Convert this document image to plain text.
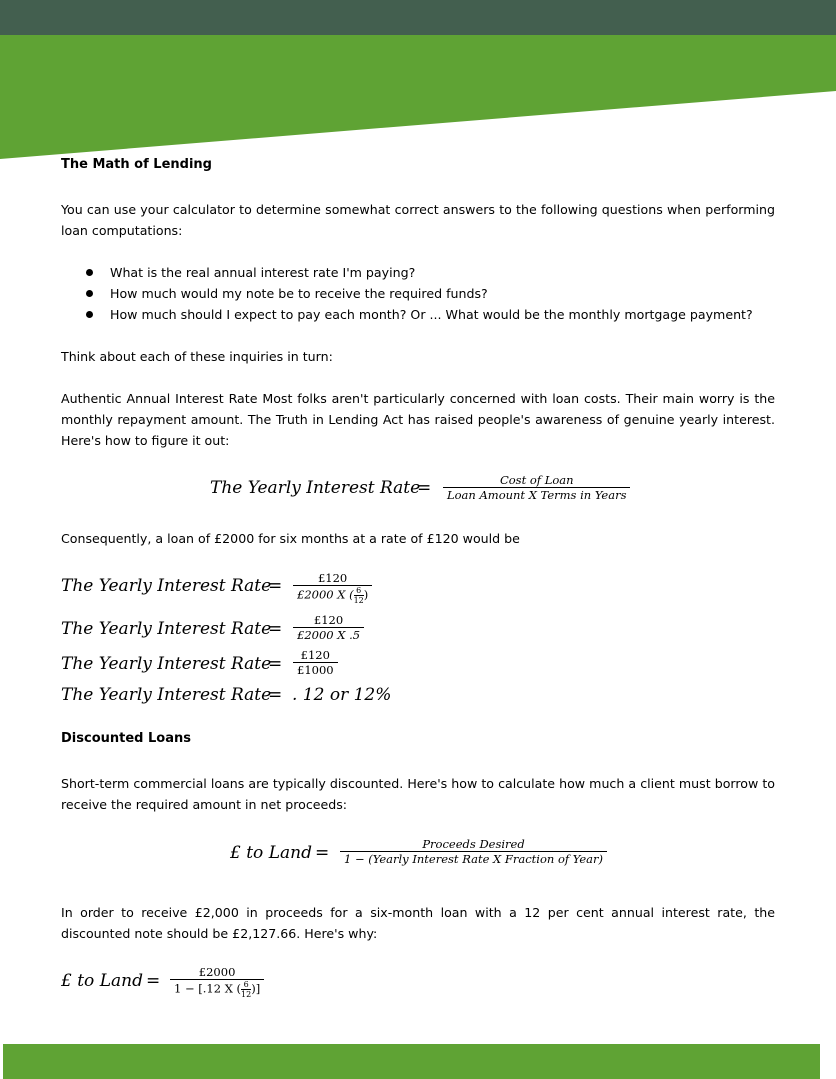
The Math of Lending
You can use your calculator to determine somewhat correct answers to the following questions when performing loan computations:
What is the real annual interest rate I'm paying?
How much would my note be to receive the required funds?
How much should I expect to pay each month? Or ... What would be the monthly mortgage payment?
Think about each of these inquiries in turn:
Authentic Annual Interest Rate Most folks aren't particularly concerned with loan costs. Their main worry is the monthly repayment amount. The Truth in Lending Act has raised people's awareness of genuine yearly interest. Here's how to figure it out:
The Yearly Interest Rate
=	Cost of Loan
Loan Amount X Terms in Years
Consequently, a loan of £2000 for six months at a rate of £120 would be
The Yearly Interest Rate
=	£120
£2000 X ( $\frac{6}{12}$ )
The Yearly Interest Rate
=	£120
£2000 X .5
The Yearly Interest Rate
=	£120
£1000
The Yearly Interest Rate
= . 12 or 12%
Discounted Loans
Short-term commercial loans are typically discounted. Here's how to calculate how much a client must borrow to receive the required amount in net proceeds:
£ to Land =	Proceeds Desired
1 − (Yearly Interest Rate X Fraction of Year)
In order to receive £2,000 in proceeds for a six-month loan with a 12 per cent annual interest rate, the discounted note should be £2,127.66. Here's why:
£ to Land =	£2000
1 − [.12 X ( $\frac{6}{12}$ )]
